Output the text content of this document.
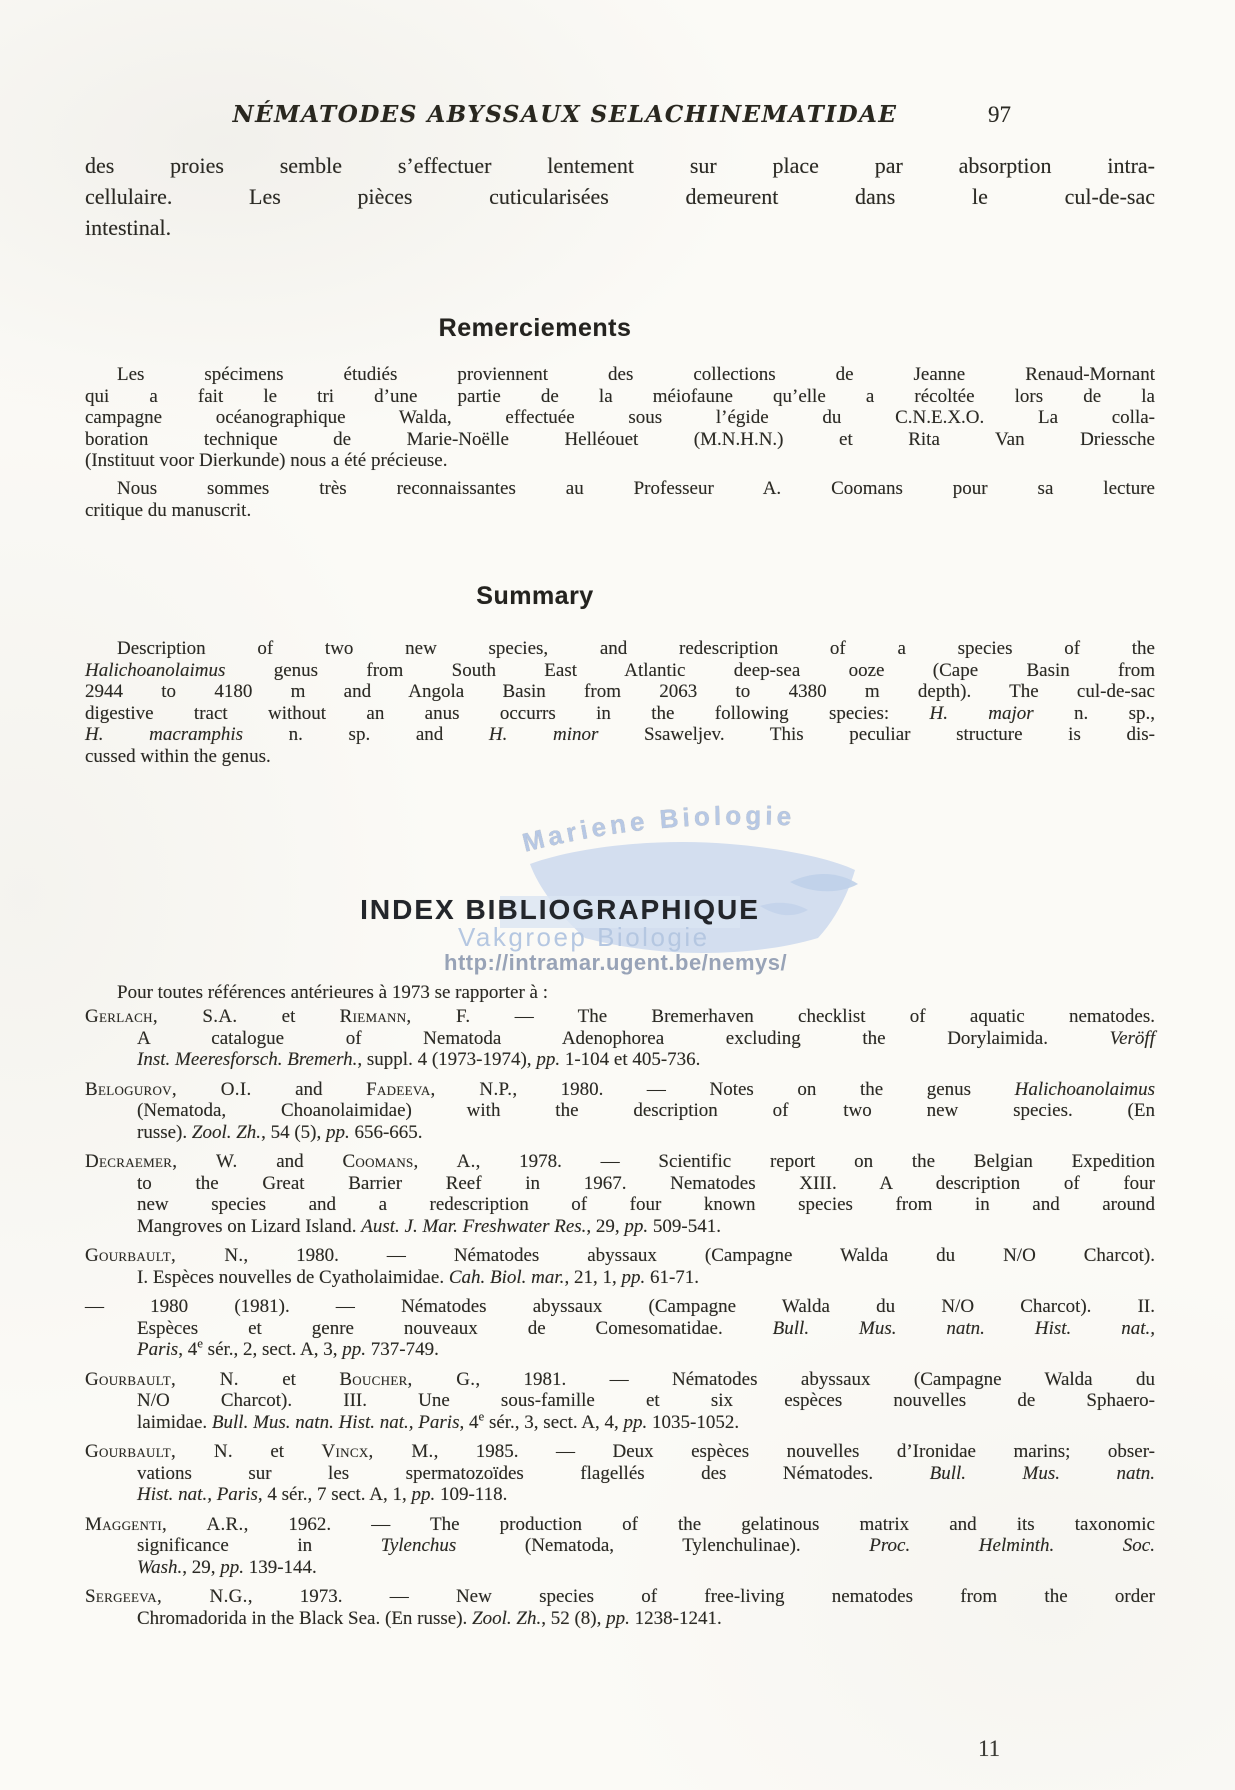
Mariene Biologie
Vakgroep Biologie
http://intramar.ugent.be/nemys/
NÉMATODES ABYSSAUX SELACHINEMATIDAE	97
des proies semble s’effectuer lentement sur place par absorption intra-
cellulaire. Les pièces cuticularisées demeurent dans le cul-de-sac
intestinal.
Remerciements
Les spécimens étudiés proviennent des collections de Jeanne Renaud-Mornant
qui a fait le tri d’une partie de la méiofaune qu’elle a récoltée lors de la
campagne océanographique Walda, effectuée sous l’égide du C.N.E.X.O. La colla-
boration technique de Marie-Noëlle Helléouet (M.N.H.N.) et Rita Van Driessche
(Instituut voor Dierkunde) nous a été précieuse.
Nous sommes très reconnaissantes au Professeur A. Coomans pour sa lecture
critique du manuscrit.
Summary
Description of two new species, and redescription of a species of the
Halichoanolaimus genus from South East Atlantic deep-sea ooze (Cape Basin from
2944 to 4180 m and Angola Basin from 2063 to 4380 m depth). The cul-de-sac
digestive tract without an anus occurrs in the following species: H. major n. sp.,
H. macramphis n. sp. and H. minor Ssaweljev. This peculiar structure is dis-
cussed within the genus.
INDEX BIBLIOGRAPHIQUE
Pour toutes références antérieures à 1973 se rapporter à :
Gerlach, S.A. et Riemann, F. — The Bremerhaven checklist of aquatic nematodes.
A catalogue of Nematoda Adenophorea excluding the Dorylaimida. Veröff
Inst. Meeresforsch. Bremerh., suppl. 4 (1973-1974), pp. 1-104 et 405-736.
Belogurov, O.I. and Fadeeva, N.P., 1980. — Notes on the genus Halichoanolaimus
(Nematoda, Choanolaimidae) with the description of two new species. (En
russe). Zool. Zh., 54 (5), pp. 656-665.
Decraemer, W. and Coomans, A., 1978. — Scientific report on the Belgian Expedition
to the Great Barrier Reef in 1967. Nematodes XIII. A description of four
new species and a redescription of four known species from in and around
Mangroves on Lizard Island. Aust. J. Mar. Freshwater Res., 29, pp. 509-541.
Gourbault, N., 1980. — Nématodes abyssaux (Campagne Walda du N/O Charcot).
I. Espèces nouvelles de Cyatholaimidae. Cah. Biol. mar., 21, 1, pp. 61-71.
— 1980 (1981). — Nématodes abyssaux (Campagne Walda du N/O Charcot). II.
Espèces et genre nouveaux de Comesomatidae. Bull. Mus. natn. Hist. nat.,
Paris, 4e sér., 2, sect. A, 3, pp. 737-749.
Gourbault, N. et Boucher, G., 1981. — Nématodes abyssaux (Campagne Walda du
N/O Charcot). III. Une sous-famille et six espèces nouvelles de Sphaero-
laimidae. Bull. Mus. natn. Hist. nat., Paris, 4e sér., 3, sect. A, 4, pp. 1035-1052.
Gourbault, N. et Vincx, M., 1985. — Deux espèces nouvelles d’Ironidae marins; obser-
vations sur les spermatozoïdes flagellés des Nématodes. Bull. Mus. natn.
Hist. nat., Paris, 4 sér., 7 sect. A, 1, pp. 109-118.
Maggenti, A.R., 1962. — The production of the gelatinous matrix and its taxonomic
significance in Tylenchus (Nematoda, Tylenchulinae). Proc. Helminth. Soc.
Wash., 29, pp. 139-144.
Sergeeva, N.G., 1973. — New species of free-living nematodes from the order
Chromadorida in the Black Sea. (En russe). Zool. Zh., 52 (8), pp. 1238-1241.
11
